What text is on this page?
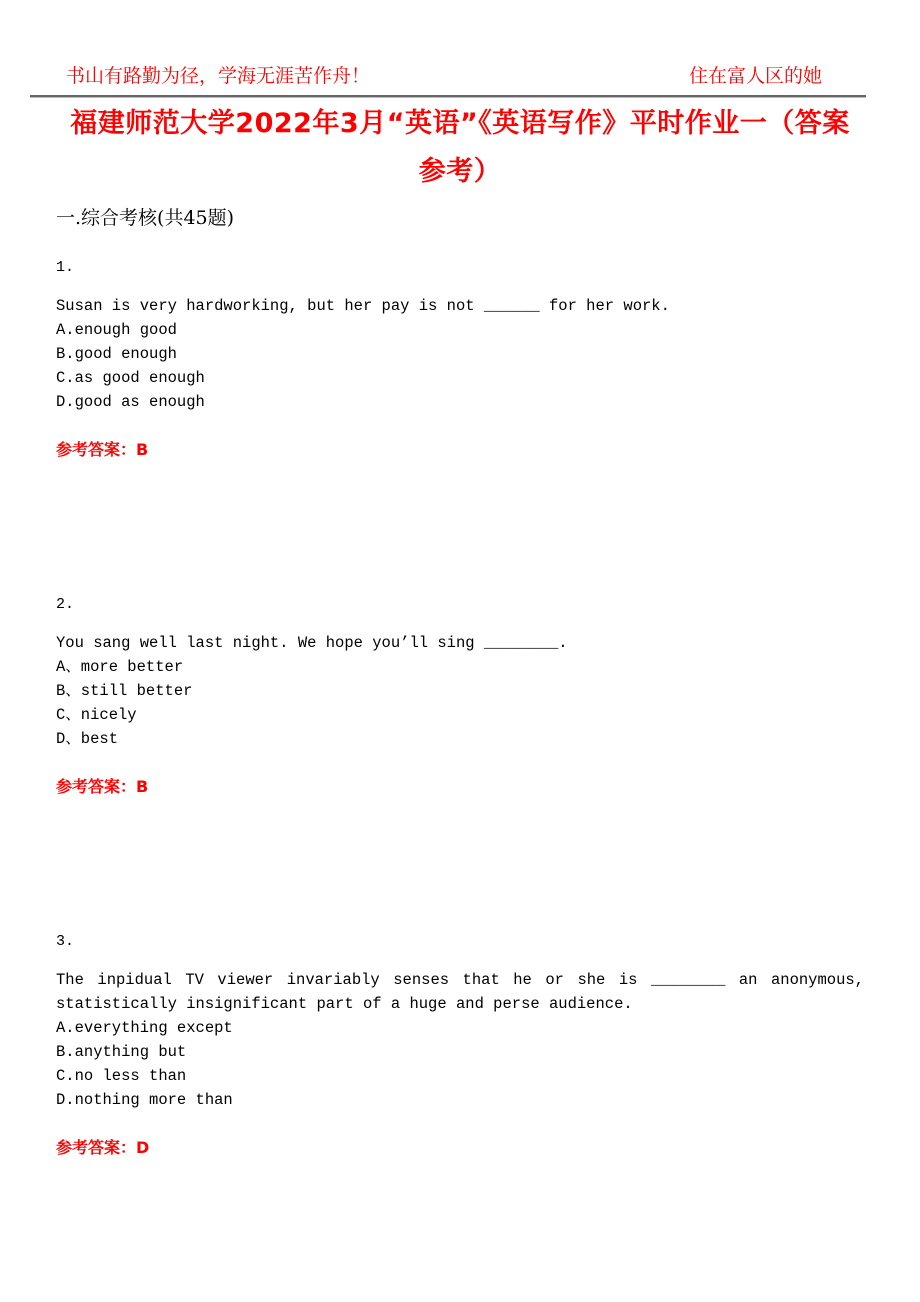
书山有路勤为径，学海无涯苦作舟！	住在富人区的她
福建师范大学2022年3月“英语”《英语写作》平时作业一（答案参考）
一.综合考核(共45题)
1.
Susan is very hardworking, but her pay is not ______ for her work.
A.enough good
B.good enough
C.as good enough
D.good as enough
参考答案：B
2.
You sang well last night. We hope you’ll sing ________.
A、more better
B、still better
C、nicely
D、best
参考答案：B
3.
The inpidual TV viewer invariably senses that he or she is ________ an anonymous, statistically insignificant part of a huge and perse audience.
A.everything except
B.anything but
C.no less than
D.nothing more than
参考答案：D
